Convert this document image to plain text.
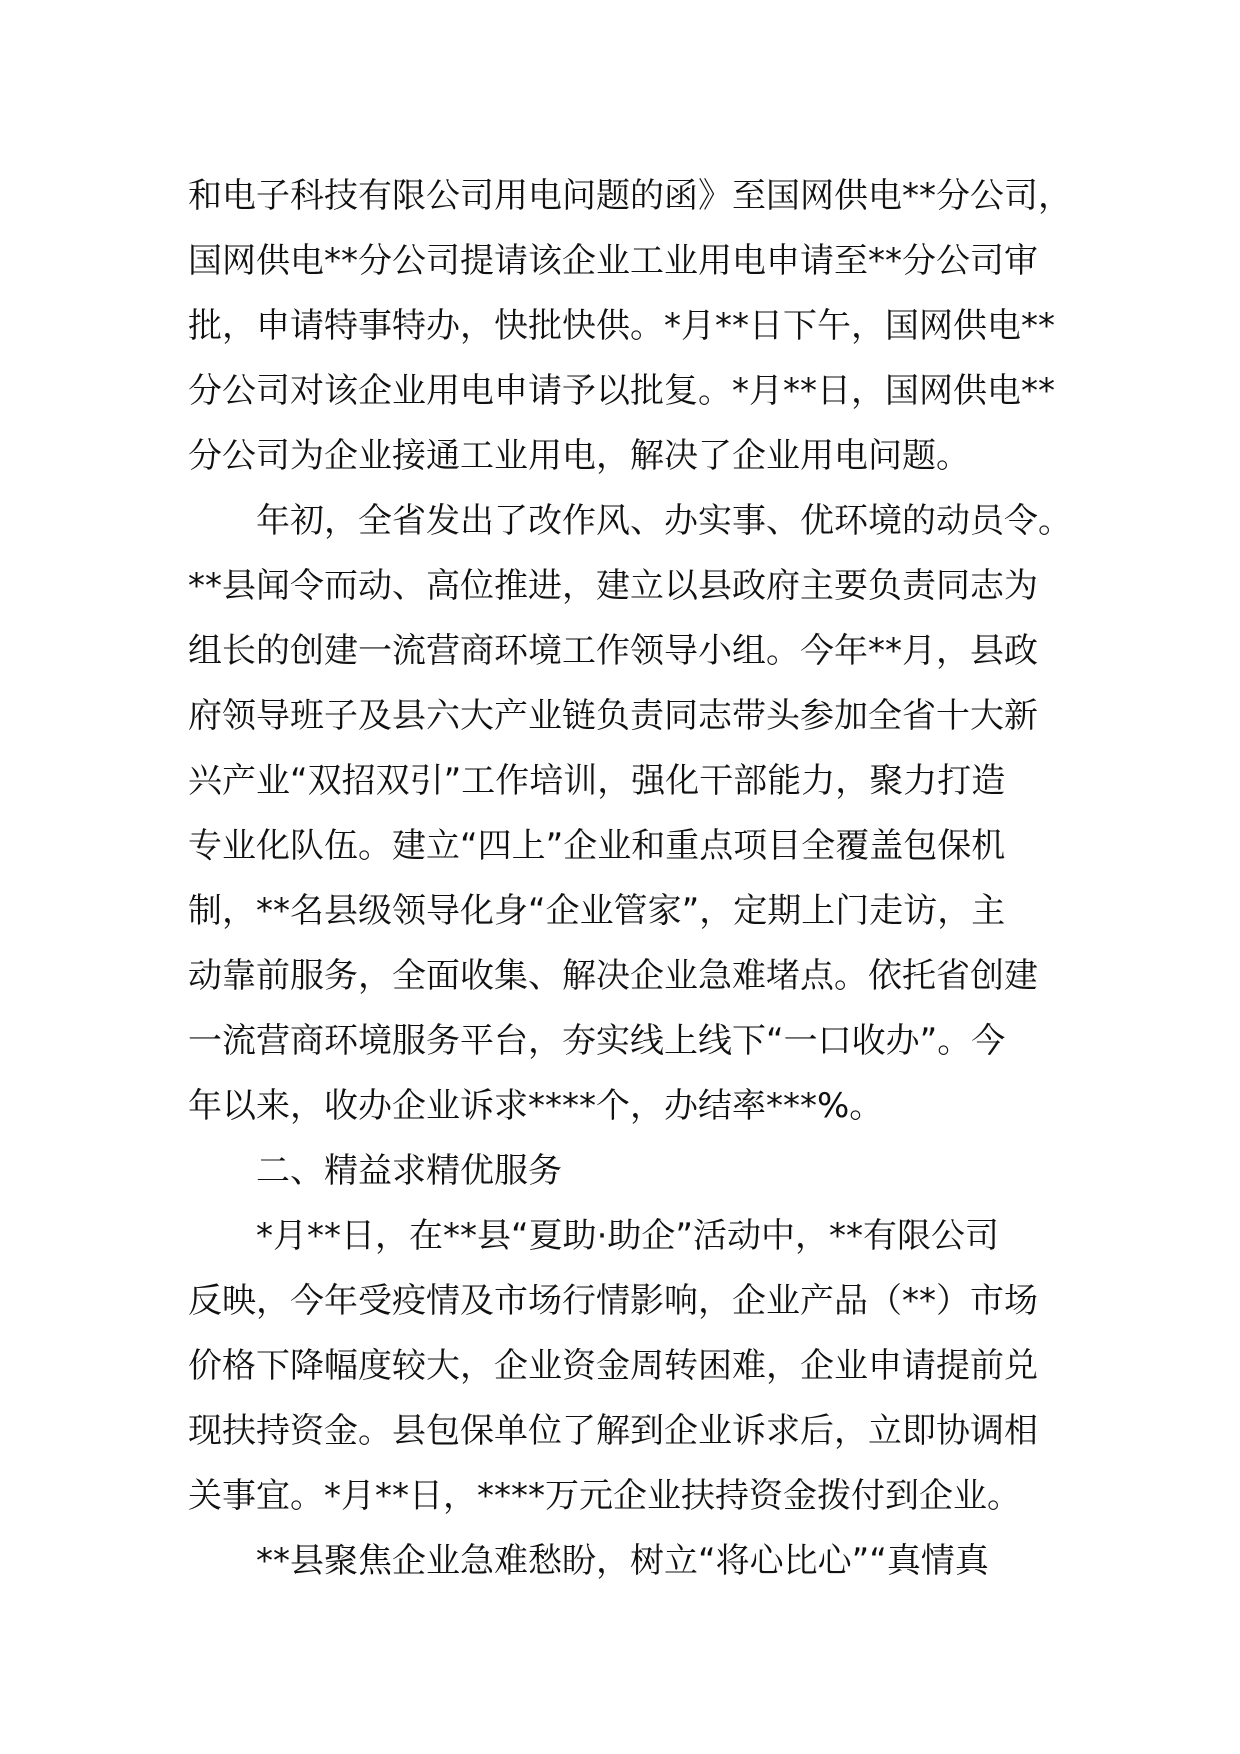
和电子科技有限公司用电问题的函》至国网供电**分公司，
国网供电**分公司提请该企业工业用电申请至**分公司审
批，申请特事特办，快批快供。*月**日下午，国网供电**
分公司对该企业用电申请予以批复。*月**日，国网供电**
分公司为企业接通工业用电，解决了企业用电问题。
年初，全省发出了改作风、办实事、优环境的动员令。
**县闻令而动、高位推进，建立以县政府主要负责同志为
组长的创建一流营商环境工作领导小组。今年**月，县政
府领导班子及县六大产业链负责同志带头参加全省十大新
兴产业“双招双引”工作培训，强化干部能力，聚力打造
专业化队伍。建立“四上”企业和重点项目全覆盖包保机
制，**名县级领导化身“企业管家”，定期上门走访，主
动靠前服务，全面收集、解决企业急难堵点。依托省创建
一流营商环境服务平台，夯实线上线下“一口收办”。今
年以来，收办企业诉求****个，办结率***%。
二、精益求精优服务
*月**日，在**县“夏助·助企”活动中，**有限公司
反映，今年受疫情及市场行情影响，企业产品（**）市场
价格下降幅度较大，企业资金周转困难，企业申请提前兑
现扶持资金。县包保单位了解到企业诉求后，立即协调相
关事宜。*月**日，****万元企业扶持资金拨付到企业。
**县聚焦企业急难愁盼，树立“将心比心”“真情真
